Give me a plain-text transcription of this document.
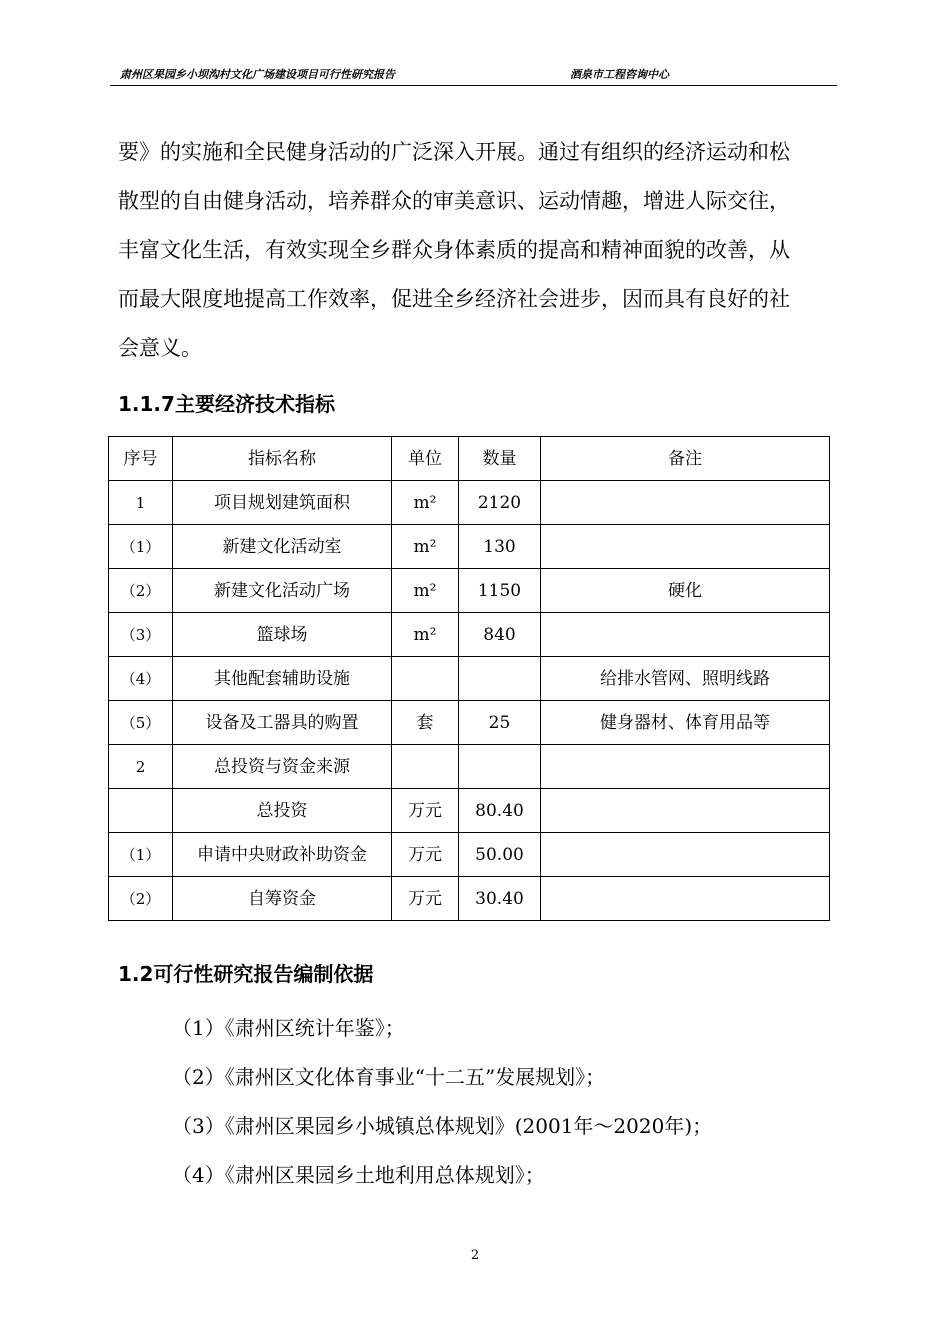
肃州区果园乡小坝沟村文化广场建设项目可行性研究报告	酒泉市工程咨询中心
要》的实施和全民健身活动的广泛深入开展。通过有组织的经济运动和松
散型的自由健身活动，培养群众的审美意识、运动情趣，增进人际交往，
丰富文化生活，有效实现全乡群众身体素质的提高和精神面貌的改善，从
而最大限度地提高工作效率，促进全乡经济社会进步，因而具有良好的社
会意义。
1.1.7主要经济技术指标
序号	指标名称	单位	数量	备注
1	项目规划建筑面积	m²	2120	
（1）	新建文化活动室	m²	130	
（2）	新建文化活动广场	m²	1150	硬化
（3）	篮球场	m²	840	
（4）	其他配套辅助设施			给排水管网、照明线路
（5）	设备及工器具的购置	套	25	健身器材、体育用品等
2	总投资与资金来源			
	总投资	万元	80.40	
（1）	申请中央财政补助资金	万元	50.00	
（2）	自筹资金	万元	30.40	
1.2可行性研究报告编制依据
（1）《肃州区统计年鉴》；
（2）《肃州区文化体育事业“十二五”发展规划》；
（3）《肃州区果园乡小城镇总体规划》(2001年～2020年)；
（4）《肃州区果园乡土地利用总体规划》；
2
